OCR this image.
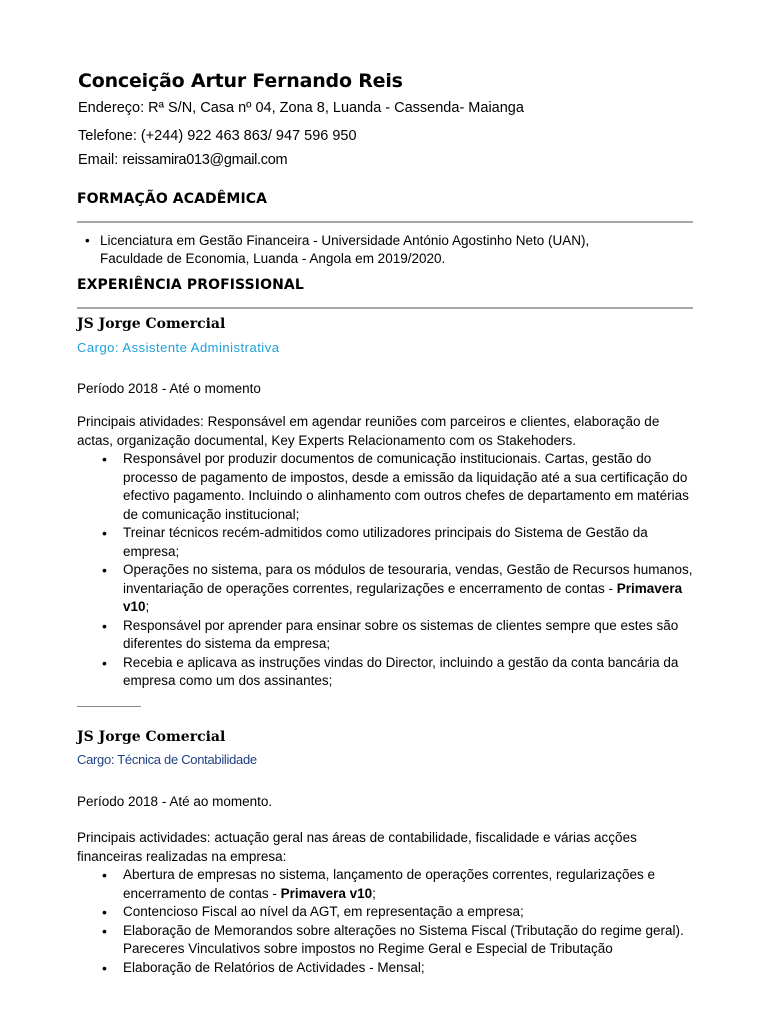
Conceição Artur Fernando Reis

Endereço: Rª S/N, Casa nº 04, Zona 8, Luanda - Cassenda- Maianga

Telefone: (+244) 922 463 863/ 947 596 950

Email: reissamira013@gmail.com

FORMAÇÃO ACADÊMICA
• Licenciatura em Gestão Financeira - Universidade António Agostinho Neto (UAN), Faculdade de Economia, Luanda - Angola em 2019/2020.
EXPERIÊNCIA PROFISSIONAL
JS Jorge Comercial

Cargo: Assistente Administrativa

Período 2018 - Até o momento

Principais atividades: Responsável em agendar reuniões com parceiros e clientes, elaboração de actas, organização documental, Key Experts Relacionamento com os Stakehoders.

• Responsável por produzir documentos de comunicação institucionais. Cartas, gestão do processo de pagamento de impostos, desde a emissão da liquidação até a sua certificação do efectivo pagamento. Incluindo o alinhamento com outros chefes de departamento em matérias de comunicação institucional;
• Treinar técnicos recém-admitidos como utilizadores principais do Sistema de Gestão da empresa;
• Operações no sistema, para os módulos de tesouraria, vendas, Gestão de Recursos humanos, inventariação de operações correntes, regularizações e encerramento de contas - Primavera v10;
• Responsável por aprender para ensinar sobre os sistemas de clientes sempre que estes são diferentes do sistema da empresa;
• Recebia e aplicava as instruções vindas do Director, incluindo a gestão da conta bancária da empresa como um dos assinantes;
JS Jorge Comercial

Cargo: Técnica de Contabilidade

Período 2018 - Até ao momento.

Principais actividades: actuação geral nas áreas de contabilidade, fiscalidade e várias acções financeiras realizadas na empresa:

• Abertura de empresas no sistema, lançamento de operações correntes, regularizações e encerramento de contas - Primavera v10;
• Contencioso Fiscal ao nível da AGT, em representação a empresa;
• Elaboração de Memorandos sobre alterações no Sistema Fiscal (Tributação do regime geral). Pareceres Vinculativos sobre impostos no Regime Geral e Especial de Tributação
• Elaboração de Relatórios de Actividades - Mensal;
